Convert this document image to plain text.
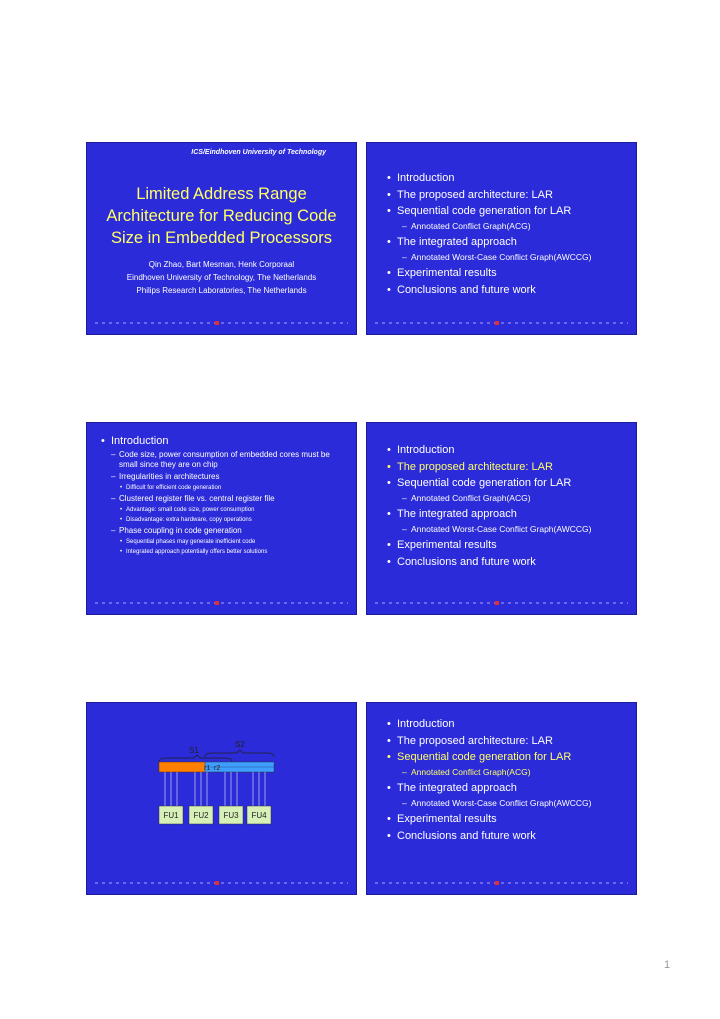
ICS/Eindhoven University of Technology
Limited Address Range
Architecture for Reducing Code
Size in Embedded Processors
Qin Zhao, Bart Mesman, Henk Corporaal
Eindhoven University of Technology, The Netherlands
Philips Research Laboratories, The Netherlands
• Introduction
• The proposed architecture: LAR
• Sequential code generation for LAR
– Annotated Conflict Graph(ACG)
• The integrated approach
– Annotated Worst-Case Conflict Graph(AWCCG)
• Experimental results
• Conclusions and future work
• Introduction
– Code size, power consumption of embedded cores must be small since they are on chip
– Irregularities in architectures
• Difficult for efficient code generation
– Clustered register file vs. central register file
• Advantage: small code size, power consumption
• Disadvantage: extra hardware, copy operations
– Phase coupling in code generation
• Sequential phases may generate inefficient code
• Integrated approach potentially offers better solutions
• Introduction
• The proposed architecture: LAR
• Sequential code generation for LAR
– Annotated Conflict Graph(ACG)
• The integrated approach
– Annotated Worst-Case Conflict Graph(AWCCG)
• Experimental results
• Conclusions and future work
S1
S2
r1 r2
FU1 FU2 FU3 FU4
• Introduction
• The proposed architecture: LAR
• Sequential code generation for LAR
– Annotated Conflict Graph(ACG)
• The integrated approach
– Annotated Worst-Case Conflict Graph(AWCCG)
• Experimental results
• Conclusions and future work
1
